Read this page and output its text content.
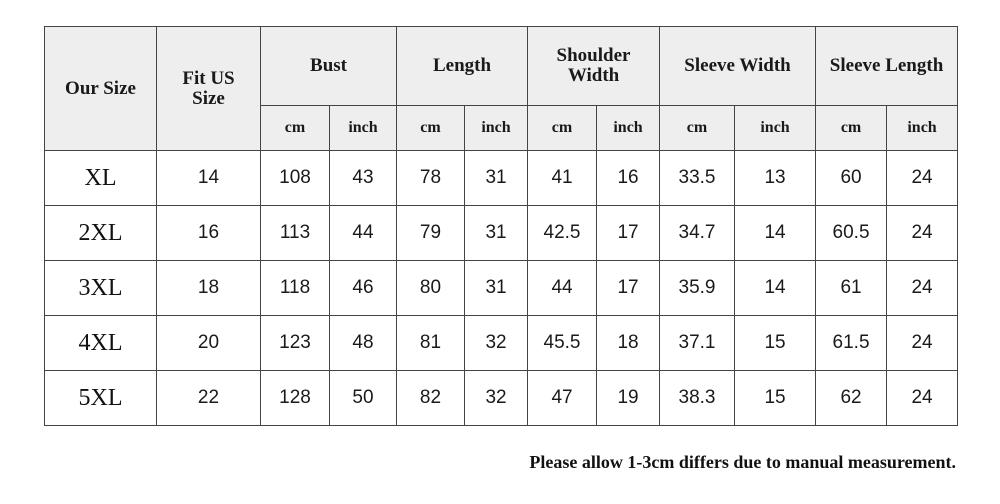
Our Size	Fit US Size	Bust		Length		Shoulder Width		Sleeve Width		Sleeve Length	
		cm	inch	cm	inch	cm	inch	cm	inch	cm	inch
XL	14	108	43	78	31	41	16	33.5	13	60	24
2XL	16	113	44	79	31	42.5	17	34.7	14	60.5	24
3XL	18	118	46	80	31	44	17	35.9	14	61	24
4XL	20	123	48	81	32	45.5	18	37.1	15	61.5	24
5XL	22	128	50	82	32	47	19	38.3	15	62	24
Please allow 1-3cm differs due to manual measurement.
